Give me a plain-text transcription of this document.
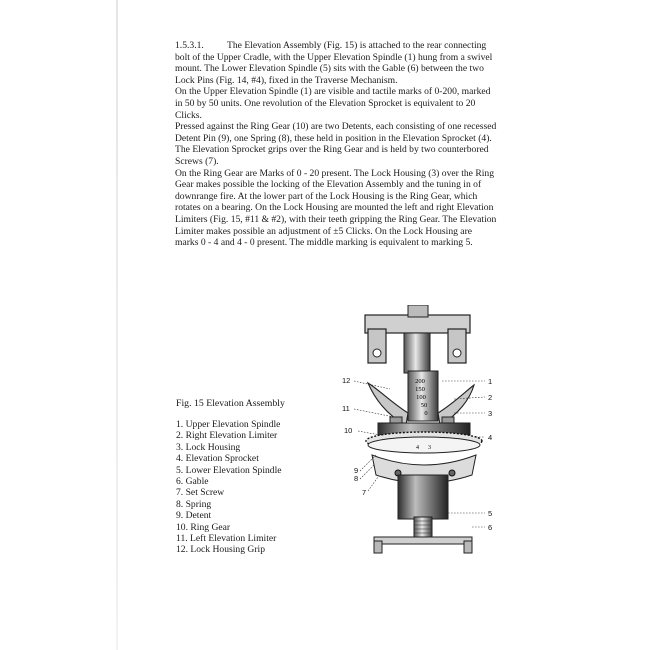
1.5.3.1. The Elevation Assembly (Fig. 15) is attached to the rear connecting bolt of the Upper Cradle, with the Upper Elevation Spindle (1) hung from a swivel mount. The Lower Elevation Spindle (5) sits with the Gable (6) between the two Lock Pins (Fig. 14, #4), fixed in the Traverse Mechanism.

On the Upper Elevation Spindle (1) are visible and tactile marks of 0-200, marked in 50 by 50 units. One revolution of the Elevation Sprocket is equivalent to 20 Clicks.

Pressed against the Ring Gear (10) are two Detents, each consisting of one recessed Detent Pin (9), one Spring (8), these held in position in the Elevation Sprocket (4). The Elevation Sprocket grips over the Ring Gear and is held by two counterbored Screws (7).

On the Ring Gear are Marks of 0 - 20 present. The Lock Housing (3) over the Ring Gear makes possible the locking of the Elevation Assembly and the tuning in of downrange fire. At the lower part of the Lock Housing is the Ring Gear, which rotates on a bearing. On the Lock Housing are mounted the left and right Elevation Limiters (Fig. 15, #11 & #2), with their teeth gripping the Ring Gear. The Elevation Limiter makes possible an adjustment of ±5 Clicks. On the Lock Housing are marks 0 - 4 and 4 - 0 present. The middle marking is equivalent to marking 5.

Fig. 15 Elevation Assembly
1. Upper Elevation Spindle
2. Right Elevation Limiter
3. Lock Housing
4. Elevation Sprocket
5. Lower Elevation Spindle
6. Gable
7. Set Screw
8. Spring
9. Detent
10. Ring Gear
11. Left Elevation Limiter
12. Lock Housing Grip
200
150
100
50
0
4 3
12	1
2
3
11
10
4
9
8
7
5
6
